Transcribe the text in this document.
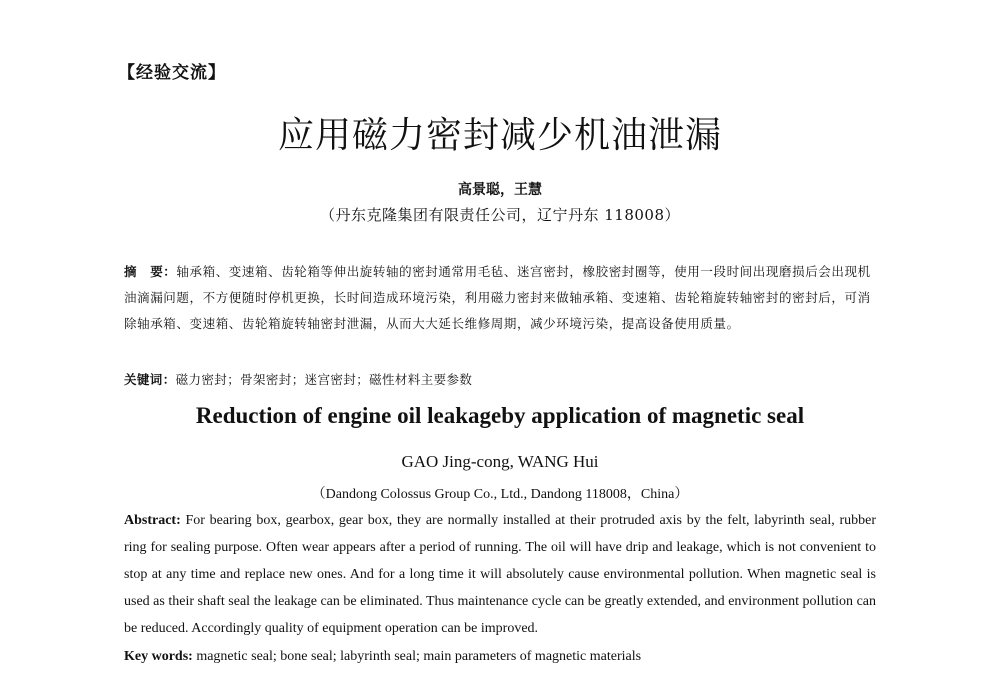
【经验交流】
应用磁力密封减少机油泄漏
高景聪，王慧
（丹东克隆集团有限责任公司，辽宁丹东 118008）
摘　要：轴承箱、变速箱、齿轮箱等伸出旋转轴的密封通常用毛毡、迷宫密封，橡胶密封圈等，使用一段时间出现磨损后会出现机油滴漏问题，不方便随时停机更换，长时间造成环境污染，利用磁力密封来做轴承箱、变速箱、齿轮箱旋转轴密封的密封后，可消除轴承箱、变速箱、齿轮箱旋转轴密封泄漏，从而大大延长维修周期，减少环境污染，提高设备使用质量。
关键词：磁力密封；骨架密封；迷宫密封；磁性材料主要参数
Reduction of engine oil leakageby application of magnetic seal
GAO Jing-cong, WANG Hui
（Dandong Colossus Group Co., Ltd., Dandong 118008，China）
Abstract: For bearing box, gearbox, gear box, they are normally installed at their protruded axis by the felt, labyrinth seal, rubber ring for sealing purpose. Often wear appears after a period of running. The oil will have drip and leakage, which is not convenient to stop at any time and replace new ones. And for a long time it will absolutely cause environmental pollution. When magnetic seal is used as their shaft seal the leakage can be eliminated. Thus maintenance cycle can be greatly extended, and environment pollution can be reduced. Accordingly quality of equipment operation can be improved.
Key words: magnetic seal; bone seal; labyrinth seal; main parameters of magnetic materials
